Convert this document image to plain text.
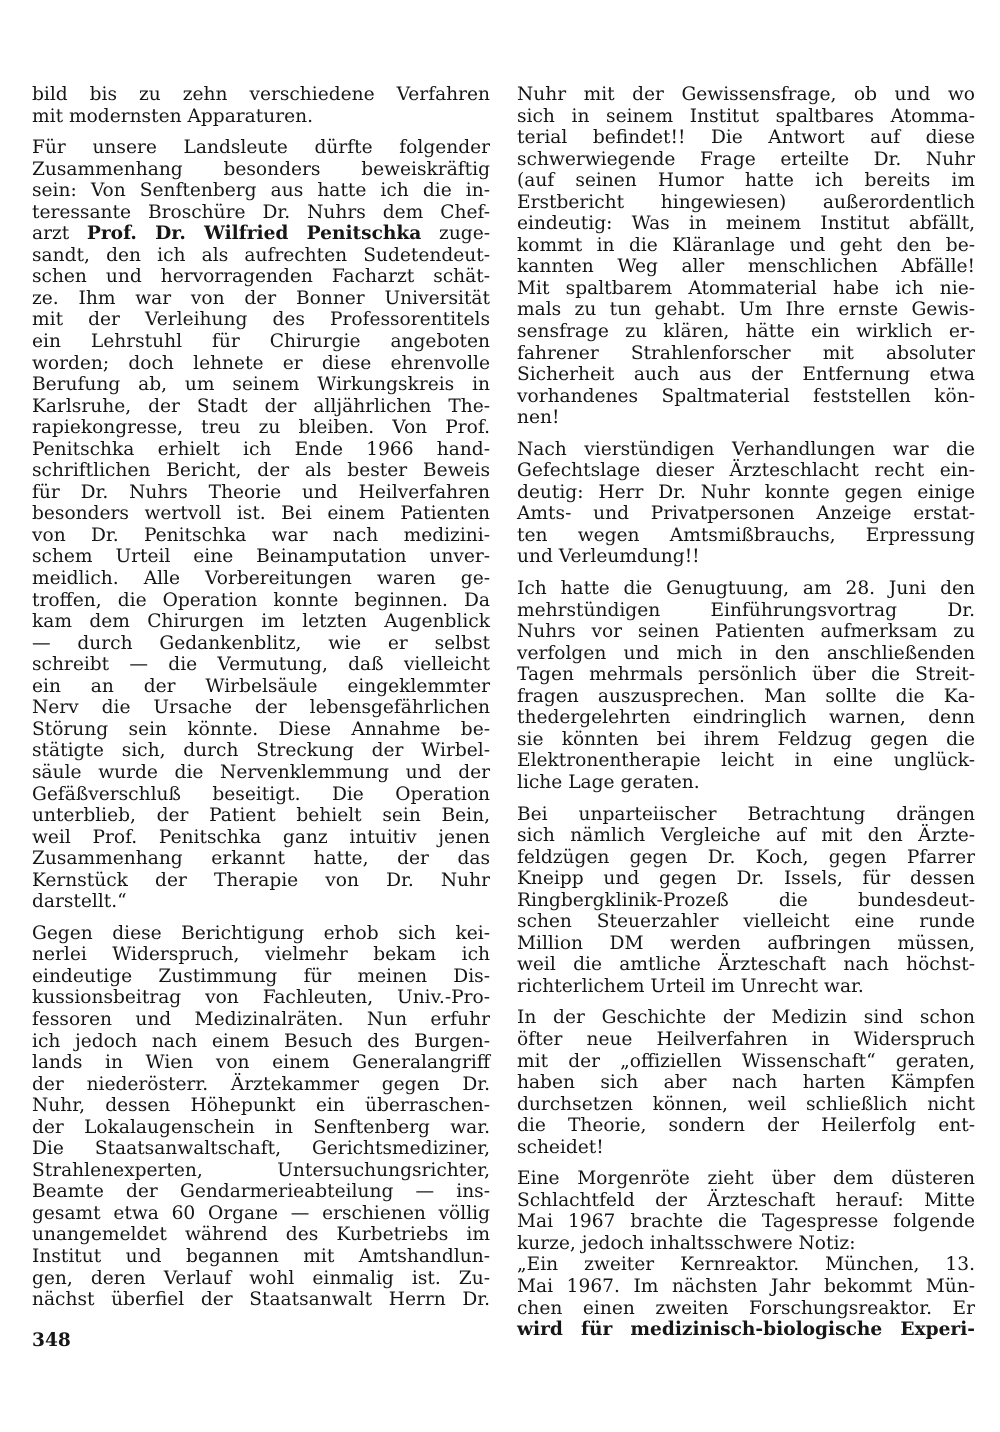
bild bis zu zehn verschiedene Verfahren
mit modernsten Apparaturen.
Für unsere Landsleute dürfte folgender
Zusammenhang besonders beweiskräftig
sein: Von Senftenberg aus hatte ich die in-
teressante Broschüre Dr. Nuhrs dem Chef-
arzt Prof. Dr. Wilfried Penitschka zuge-
sandt, den ich als aufrechten Sudetendeut-
schen und hervorragenden Facharzt schät-
ze. Ihm war von der Bonner Universität
mit der Verleihung des Professorentitels
ein Lehrstuhl für Chirurgie angeboten
worden; doch lehnete er diese ehrenvolle
Berufung ab, um seinem Wirkungskreis in
Karlsruhe, der Stadt der alljährlichen The-
rapiekongresse, treu zu bleiben. Von Prof.
Penitschka erhielt ich Ende 1966 hand-
schriftlichen Bericht, der als bester Beweis
für Dr. Nuhrs Theorie und Heilverfahren
besonders wertvoll ist. Bei einem Patienten
von Dr. Penitschka war nach medizini-
schem Urteil eine Beinamputation unver-
meidlich. Alle Vorbereitungen waren ge-
troffen, die Operation konnte beginnen. Da
kam dem Chirurgen im letzten Augenblick
— durch Gedankenblitz, wie er selbst
schreibt — die Vermutung, daß vielleicht
ein an der Wirbelsäule eingeklemmter
Nerv die Ursache der lebensgefährlichen
Störung sein könnte. Diese Annahme be-
stätigte sich, durch Streckung der Wirbel-
säule wurde die Nervenklemmung und der
Gefäßverschluß beseitigt. Die Operation
unterblieb, der Patient behielt sein Bein,
weil Prof. Penitschka ganz intuitiv jenen
Zusammenhang erkannt hatte, der das
Kernstück der Therapie von Dr. Nuhr
darstellt.“
Gegen diese Berichtigung erhob sich kei-
nerlei Widerspruch, vielmehr bekam ich
eindeutige Zustimmung für meinen Dis-
kussionsbeitrag von Fachleuten, Univ.-Pro-
fessoren und Medizinalräten. Nun erfuhr
ich jedoch nach einem Besuch des Burgen-
lands in Wien von einem Generalangriff
der niederösterr. Ärztekammer gegen Dr.
Nuhr, dessen Höhepunkt ein überraschen-
der Lokalaugenschein in Senftenberg war.
Die Staatsanwaltschaft, Gerichtsmediziner,
Strahlenexperten, Untersuchungsrichter,
Beamte der Gendarmerieabteilung — ins-
gesamt etwa 60 Organe — erschienen völlig
unangemeldet während des Kurbetriebs im
Institut und begannen mit Amtshandlun-
gen, deren Verlauf wohl einmalig ist. Zu-
nächst überfiel der Staatsanwalt Herrn Dr.
Nuhr mit der Gewissensfrage, ob und wo
sich in seinem Institut spaltbares Atomma-
terial befindet!! Die Antwort auf diese
schwerwiegende Frage erteilte Dr. Nuhr
(auf seinen Humor hatte ich bereits im
Erstbericht hingewiesen) außerordentlich
eindeutig: Was in meinem Institut abfällt,
kommt in die Kläranlage und geht den be-
kannten Weg aller menschlichen Abfälle!
Mit spaltbarem Atommaterial habe ich nie-
mals zu tun gehabt. Um Ihre ernste Gewis-
sensfrage zu klären, hätte ein wirklich er-
fahrener Strahlenforscher mit absoluter
Sicherheit auch aus der Entfernung etwa
vorhandenes Spaltmaterial feststellen kön-
nen!
Nach vierstündigen Verhandlungen war die
Gefechtslage dieser Ärzteschlacht recht ein-
deutig: Herr Dr. Nuhr konnte gegen einige
Amts- und Privatpersonen Anzeige erstat-
ten wegen Amtsmißbrauchs, Erpressung
und Verleumdung!!
Ich hatte die Genugtuung, am 28. Juni den
mehrstündigen Einführungsvortrag Dr.
Nuhrs vor seinen Patienten aufmerksam zu
verfolgen und mich in den anschließenden
Tagen mehrmals persönlich über die Streit-
fragen auszusprechen. Man sollte die Ka-
thedergelehrten eindringlich warnen, denn
sie könnten bei ihrem Feldzug gegen die
Elektronentherapie leicht in eine unglück-
liche Lage geraten.
Bei unparteiischer Betrachtung drängen
sich nämlich Vergleiche auf mit den Ärzte-
feldzügen gegen Dr. Koch, gegen Pfarrer
Kneipp und gegen Dr. Issels, für dessen
Ringbergklinik-Prozeß die bundesdeut-
schen Steuerzahler vielleicht eine runde
Million DM werden aufbringen müssen,
weil die amtliche Ärzteschaft nach höchst-
richterlichem Urteil im Unrecht war.
In der Geschichte der Medizin sind schon
öfter neue Heilverfahren in Widerspruch
mit der „offiziellen Wissenschaft“ geraten,
haben sich aber nach harten Kämpfen
durchsetzen können, weil schließlich nicht
die Theorie, sondern der Heilerfolg ent-
scheidet!
Eine Morgenröte zieht über dem düsteren
Schlachtfeld der Ärzteschaft herauf: Mitte
Mai 1967 brachte die Tagespresse folgende
kurze, jedoch inhaltsschwere Notiz:
„Ein zweiter Kernreaktor. München, 13.
Mai 1967. Im nächsten Jahr bekommt Mün-
chen einen zweiten Forschungsreaktor. Er
wird für medizinisch-biologische Experi-
348
